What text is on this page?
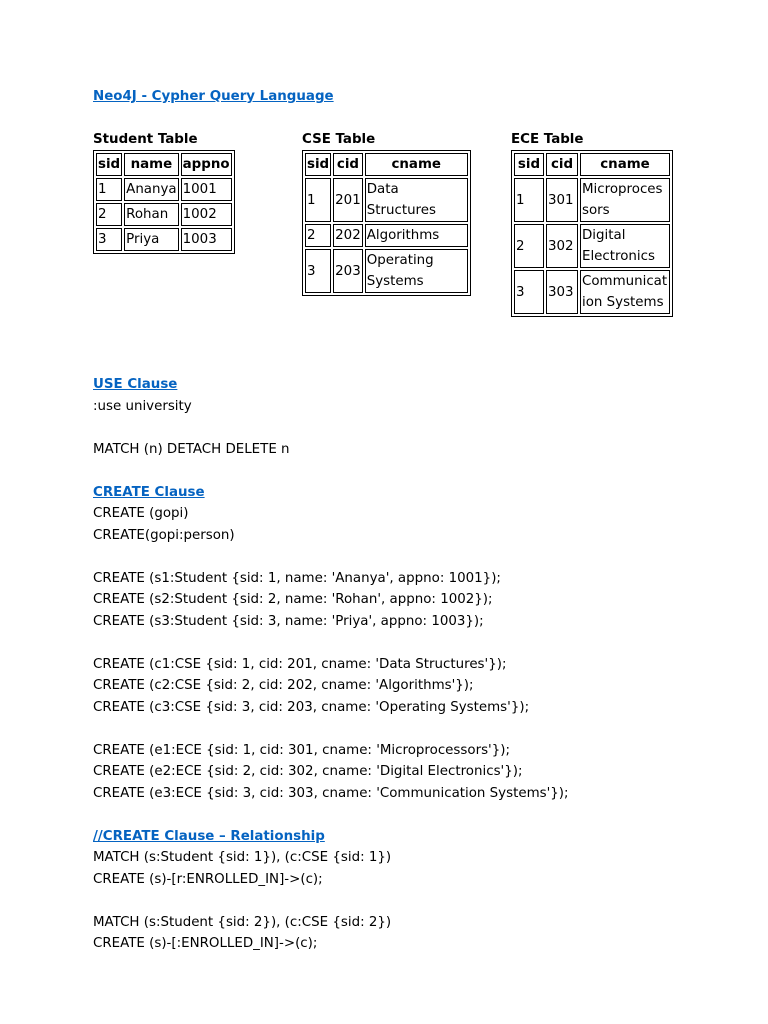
Neo4J - Cypher Query Language
Student Table
sid	name	appno
1	Ananya	1001
2	Rohan	1002
3	Priya	1003
CSE Table
sid	cid	cname
1	201	Data Structures
2	202	Algorithms
3	203	Operating Systems
ECE Table
sid	cid	cname
1	301	Microprocessors
2	302	Digital Electronics
3	303	Communication Systems
USE Clause
:use university
MATCH (n) DETACH DELETE n
CREATE Clause
CREATE (gopi)
CREATE(gopi:person)
CREATE (s1:Student {sid: 1, name: 'Ananya', appno: 1001});
CREATE (s2:Student {sid: 2, name: 'Rohan', appno: 1002});
CREATE (s3:Student {sid: 3, name: 'Priya', appno: 1003});
CREATE (c1:CSE {sid: 1, cid: 201, cname: 'Data Structures'});
CREATE (c2:CSE {sid: 2, cid: 202, cname: 'Algorithms'});
CREATE (c3:CSE {sid: 3, cid: 203, cname: 'Operating Systems'});
CREATE (e1:ECE {sid: 1, cid: 301, cname: 'Microprocessors'});
CREATE (e2:ECE {sid: 2, cid: 302, cname: 'Digital Electronics'});
CREATE (e3:ECE {sid: 3, cid: 303, cname: 'Communication Systems'});
//CREATE Clause – Relationship
MATCH (s:Student {sid: 1}), (c:CSE {sid: 1})
CREATE (s)-[r:ENROLLED_IN]->(c);
MATCH (s:Student {sid: 2}), (c:CSE {sid: 2})
CREATE (s)-[:ENROLLED_IN]->(c);
